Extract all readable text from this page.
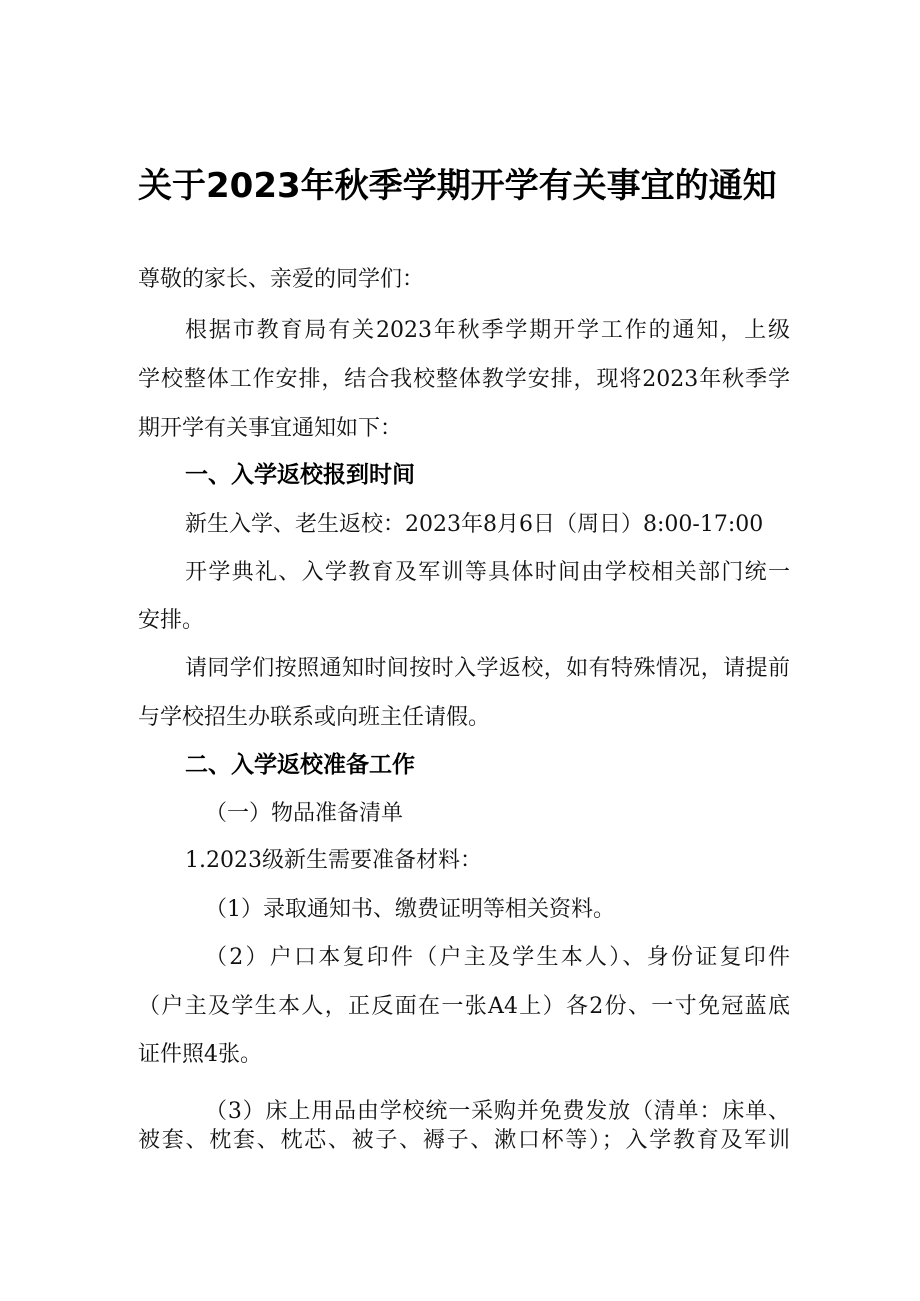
关于2023年秋季学期开学有关事宜的通知
尊敬的家长、亲爱的同学们：
根据市教育局有关2023年秋季学期开学工作的通知，上级
学校整体工作安排，结合我校整体教学安排，现将2023年秋季学
期开学有关事宜通知如下：
一、入学返校报到时间
新生入学、老生返校：2023年8月6日（周日）8:00-17:00
开学典礼、入学教育及军训等具体时间由学校相关部门统一
安排。
请同学们按照通知时间按时入学返校，如有特殊情况，请提前
与学校招生办联系或向班主任请假。
二、入学返校准备工作
（一）物品准备清单
1.2023级新生需要准备材料：
（1）录取通知书、缴费证明等相关资料。
（2）户口本复印件（户主及学生本人）、身份证复印件
（户主及学生本人，正反面在一张A4上）各2份、一寸免冠蓝底
证件照4张。
（3）床上用品由学校统一采购并免费发放（清单：床单、
被套、枕套、枕芯、被子、褥子、漱口杯等）；入学教育及军训
